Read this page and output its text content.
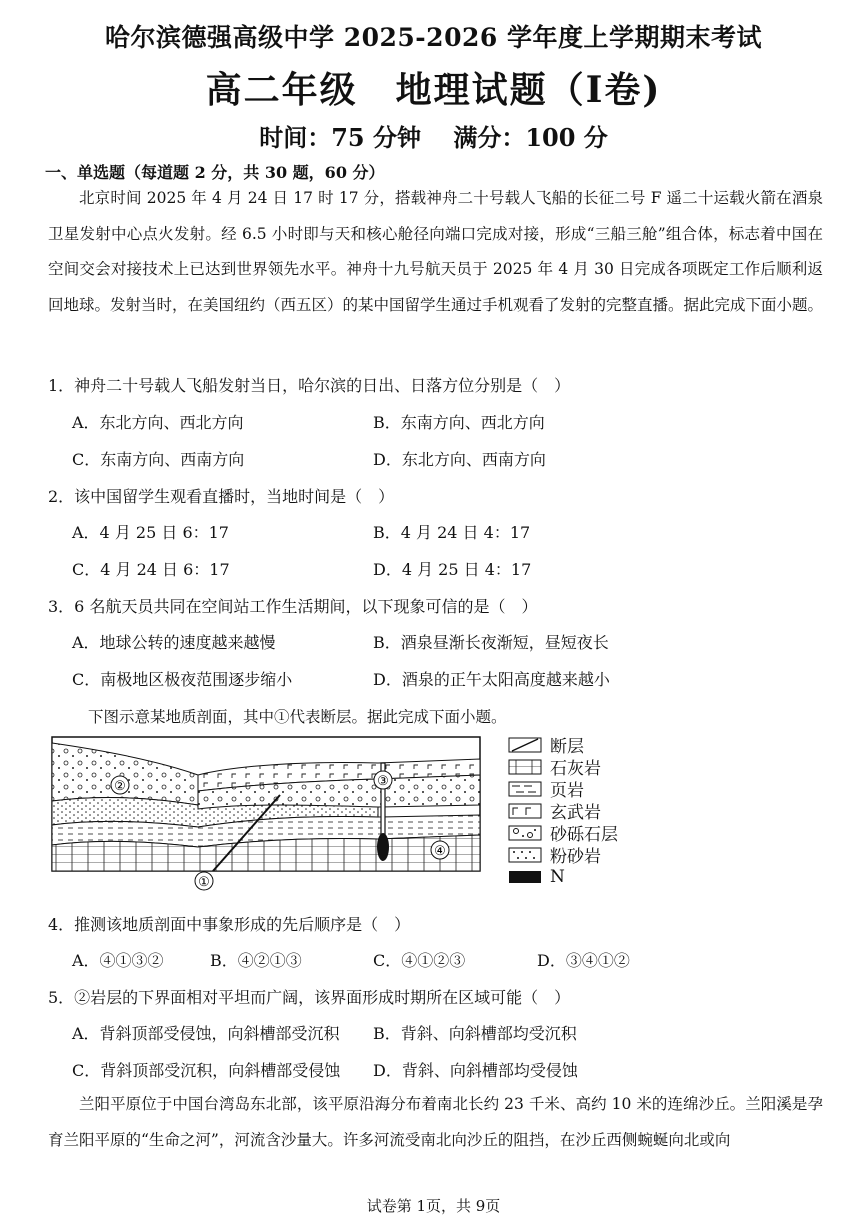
哈尔滨德强高级中学 2025-2026 学年度上学期期末考试
高二年级　地理试题（Ⅰ卷)
时间：75 分钟　 满分：100 分
一、单选题（每道题 2 分，共 30 题，60 分）
北京时间 2025 年 4 月 24 日 17 时 17 分，搭载神舟二十号载人飞船的长征二号 F 遥二十运载火箭在酒泉卫星发射中心点火发射。经 6.5 小时即与天和核心舱径向端口完成对接，形成“三船三舱”组合体，标志着中国在空间交会对接技术上已达到世界领先水平。神舟十九号航天员于 2025 年 4 月 30 日完成各项既定工作后顺利返回地球。发射当时，在美国纽约（西五区）的某中国留学生通过手机观看了发射的完整直播。据此完成下面小题。
1．神舟二十号载人飞船发射当日，哈尔滨的日出、日落方位分别是（　）
A．东北方向、西北方向	B．东南方向、西北方向
C．东南方向、西南方向	D．东北方向、西南方向
2．该中国留学生观看直播时，当地时间是（　）
A．4 月 25 日 6：17	B．4 月 24 日 4：17
C．4 月 24 日 6：17	D．4 月 25 日 4：17
3．6 名航天员共同在空间站工作生活期间，以下现象可信的是（　）
A．地球公转的速度越来越慢	B．酒泉昼渐长夜渐短，昼短夜长
C．南极地区极夜范围逐步缩小	D．酒泉的正午太阳高度越来越小
下图示意某地质剖面，其中①代表断层。据此完成下面小题。
②	③
④
①
断层
石灰岩
页岩
玄武岩
砂砾石层
粉砂岩
N
4．推测该地质剖面中事象形成的先后顺序是（　）
A．④①③②	B．④②①③	C．④①②③	D．③④①②
5．②岩层的下界面相对平坦而广阔，该界面形成时期所在区域可能（　）
A．背斜顶部受侵蚀，向斜槽部受沉积 B．背斜、向斜槽部均受沉积
C．背斜顶部受沉积，向斜槽部受侵蚀 D．背斜、向斜槽部均受侵蚀
兰阳平原位于中国台湾岛东北部，该平原沿海分布着南北长约 23 千米、高约 10 米的连绵沙丘。兰阳溪是孕育兰阳平原的“生命之河”，河流含沙量大。许多河流受南北向沙丘的阻挡，在沙丘西侧蜿蜒向北或向
试卷第 1页，共 9页
